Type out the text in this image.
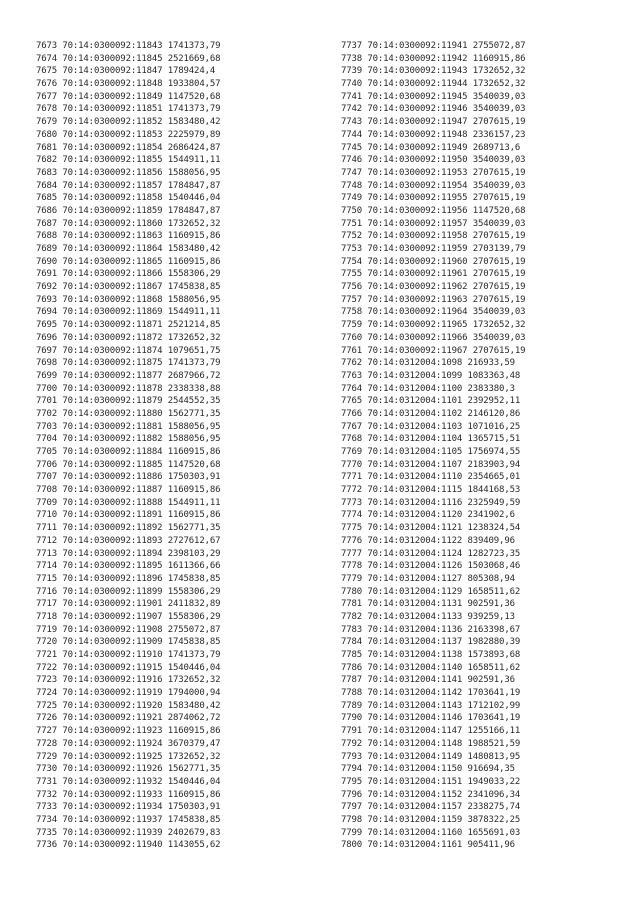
7673 70:14:0300092:11843 1741373,79
7674 70:14:0300092:11845 2521669,68
7675 70:14:0300092:11847 1789424,4
7676 70:14:0300092:11848 1933804,57
7677 70:14:0300092:11849 1147520,68
7678 70:14:0300092:11851 1741373,79
7679 70:14:0300092:11852 1583480,42
7680 70:14:0300092:11853 2225979,89
7681 70:14:0300092:11854 2686424,87
7682 70:14:0300092:11855 1544911,11
7683 70:14:0300092:11856 1588056,95
7684 70:14:0300092:11857 1784847,87
7685 70:14:0300092:11858 1540446,04
7686 70:14:0300092:11859 1784847,87
7687 70:14:0300092:11860 1732652,32
7688 70:14:0300092:11863 1160915,86
7689 70:14:0300092:11864 1583480,42
7690 70:14:0300092:11865 1160915,86
7691 70:14:0300092:11866 1558306,29
7692 70:14:0300092:11867 1745838,85
7693 70:14:0300092:11868 1588056,95
7694 70:14:0300092:11869 1544911,11
7695 70:14:0300092:11871 2521214,85
7696 70:14:0300092:11872 1732652,32
7697 70:14:0300092:11874 1079651,75
7698 70:14:0300092:11875 1741373,79
7699 70:14:0300092:11877 2687966,72
7700 70:14:0300092:11878 2338338,88
7701 70:14:0300092:11879 2544552,35
7702 70:14:0300092:11880 1562771,35
7703 70:14:0300092:11881 1588056,95
7704 70:14:0300092:11882 1588056,95
7705 70:14:0300092:11884 1160915,86
7706 70:14:0300092:11885 1147520,68
7707 70:14:0300092:11886 1750303,91
7708 70:14:0300092:11887 1160915,86
7709 70:14:0300092:11888 1544911,11
7710 70:14:0300092:11891 1160915,86
7711 70:14:0300092:11892 1562771,35
7712 70:14:0300092:11893 2727612,67
7713 70:14:0300092:11894 2398103,29
7714 70:14:0300092:11895 1611366,66
7715 70:14:0300092:11896 1745838,85
7716 70:14:0300092:11899 1558306,29
7717 70:14:0300092:11901 2411832,89
7718 70:14:0300092:11907 1558306,29
7719 70:14:0300092:11908 2755072,87
7720 70:14:0300092:11909 1745838,85
7721 70:14:0300092:11910 1741373,79
7722 70:14:0300092:11915 1540446,04
7723 70:14:0300092:11916 1732652,32
7724 70:14:0300092:11919 1794000,94
7725 70:14:0300092:11920 1583480,42
7726 70:14:0300092:11921 2874062,72
7727 70:14:0300092:11923 1160915,86
7728 70:14:0300092:11924 3670379,47
7729 70:14:0300092:11925 1732652,32
7730 70:14:0300092:11926 1562771,35
7731 70:14:0300092:11932 1540446,04
7732 70:14:0300092:11933 1160915,86
7733 70:14:0300092:11934 1750303,91
7734 70:14:0300092:11937 1745838,85
7735 70:14:0300092:11939 2402679,83
7736 70:14:0300092:11940 1143055,62
7737 70:14:0300092:11941 2755072,87
7738 70:14:0300092:11942 1160915,86
7739 70:14:0300092:11943 1732652,32
7740 70:14:0300092:11944 1732652,32
7741 70:14:0300092:11945 3540039,03
7742 70:14:0300092:11946 3540039,03
7743 70:14:0300092:11947 2707615,19
7744 70:14:0300092:11948 2336157,23
7745 70:14:0300092:11949 2689713,6
7746 70:14:0300092:11950 3540039,03
7747 70:14:0300092:11953 2707615,19
7748 70:14:0300092:11954 3540039,03
7749 70:14:0300092:11955 2707615,19
7750 70:14:0300092:11956 1147520,68
7751 70:14:0300092:11957 3540039,03
7752 70:14:0300092:11958 2707615,19
7753 70:14:0300092:11959 2703139,79
7754 70:14:0300092:11960 2707615,19
7755 70:14:0300092:11961 2707615,19
7756 70:14:0300092:11962 2707615,19
7757 70:14:0300092:11963 2707615,19
7758 70:14:0300092:11964 3540039,03
7759 70:14:0300092:11965 1732652,32
7760 70:14:0300092:11966 3540039,03
7761 70:14:0300092:11967 2707615,19
7762 70:14:0312004:1098 216933,59
7763 70:14:0312004:1099 1083363,48
7764 70:14:0312004:1100 2383380,3
7765 70:14:0312004:1101 2392952,11
7766 70:14:0312004:1102 2146120,86
7767 70:14:0312004:1103 1071016,25
7768 70:14:0312004:1104 1365715,51
7769 70:14:0312004:1105 1756974,55
7770 70:14:0312004:1107 2183903,94
7771 70:14:0312004:1110 2354665,01
7772 70:14:0312004:1115 1844168,53
7773 70:14:0312004:1116 2325949,59
7774 70:14:0312004:1120 2341902,6
7775 70:14:0312004:1121 1238324,54
7776 70:14:0312004:1122 839409,96
7777 70:14:0312004:1124 1282723,35
7778 70:14:0312004:1126 1503068,46
7779 70:14:0312004:1127 805308,94
7780 70:14:0312004:1129 1658511,62
7781 70:14:0312004:1131 902591,36
7782 70:14:0312004:1133 939259,13
7783 70:14:0312004:1136 2163398,67
7784 70:14:0312004:1137 1982880,39
7785 70:14:0312004:1138 1573893,68
7786 70:14:0312004:1140 1658511,62
7787 70:14:0312004:1141 902591,36
7788 70:14:0312004:1142 1703641,19
7789 70:14:0312004:1143 1712102,99
7790 70:14:0312004:1146 1703641,19
7791 70:14:0312004:1147 1255166,11
7792 70:14:0312004:1148 1988521,59
7793 70:14:0312004:1149 1480813,95
7794 70:14:0312004:1150 916694,35
7795 70:14:0312004:1151 1949033,22
7796 70:14:0312004:1152 2341096,34
7797 70:14:0312004:1157 2338275,74
7798 70:14:0312004:1159 3878322,25
7799 70:14:0312004:1160 1655691,03
7800 70:14:0312004:1161 905411,96
